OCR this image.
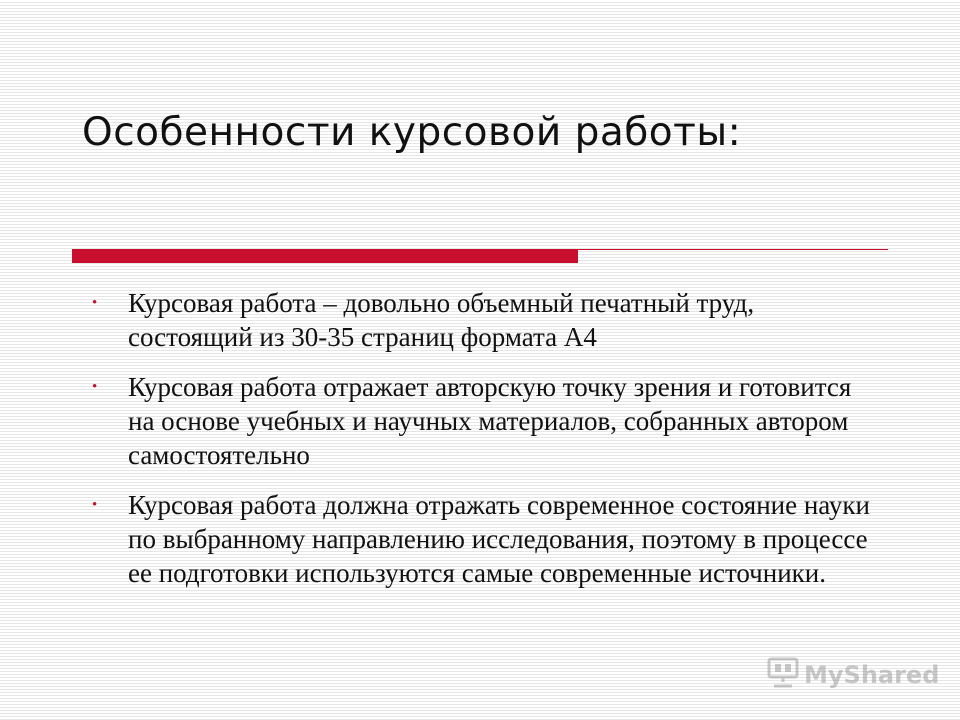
Особенности курсовой работы:
• Курсовая работа – довольно объемный печатный труд, состоящий из 30-35 страниц формата А4
• Курсовая работа отражает авторскую точку зрения и готовится на основе учебных и научных материалов, собранных автором самостоятельно
• Курсовая работа должна отражать современное состояние науки по выбранному направлению исследования, поэтому в процессе ее подготовки используются самые современные источники.
MyShared
